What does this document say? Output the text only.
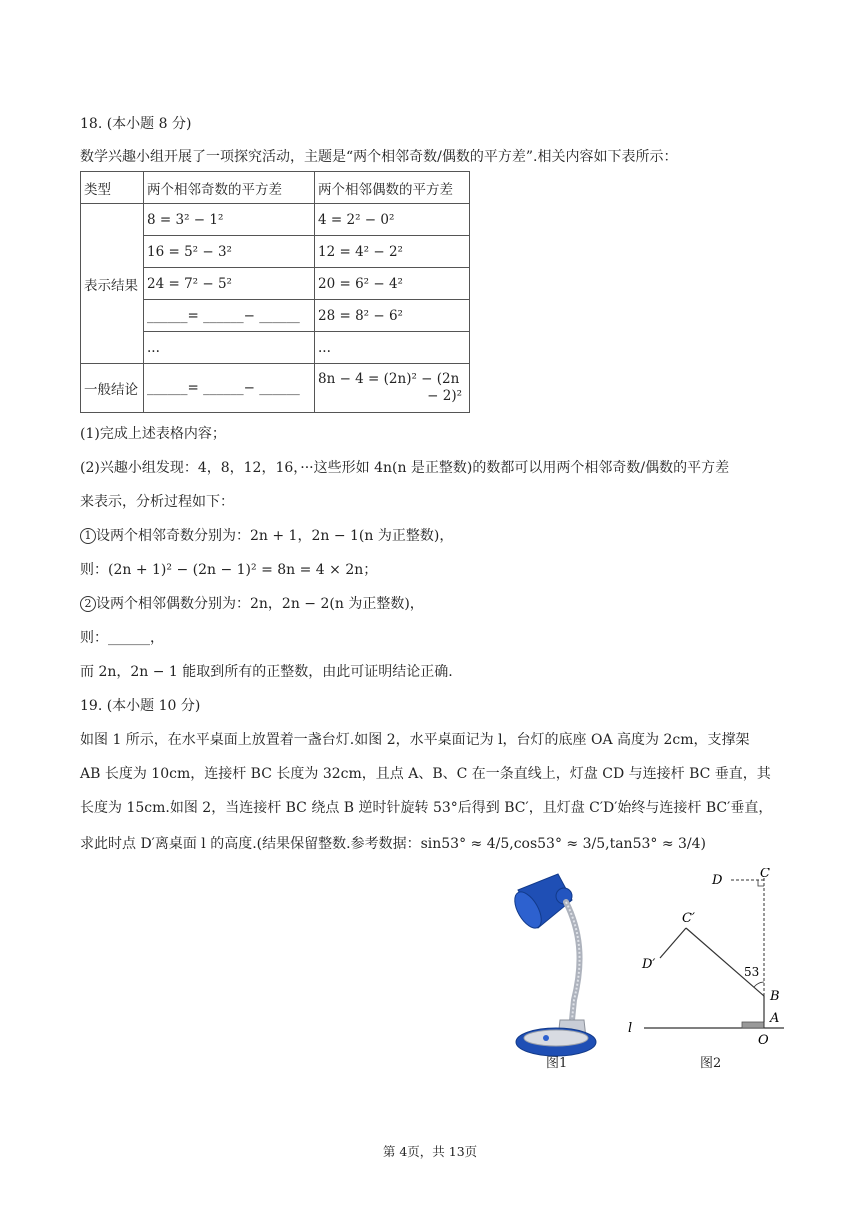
18. (本小题 8 分)
数学兴趣小组开展了一项探究活动，主题是“两个相邻奇数/偶数的平方差”.相关内容如下表所示：
类型	两个相邻奇数的平方差	两个相邻偶数的平方差
表示结果	8 = 3² − 1²	4 = 2² − 0²
	16 = 5² − 3²	12 = 4² − 2²
	24 = 7² − 5²	20 = 6² − 4²
	______= ______− ______	28 = 8² − 6²
	...	...
一般结论	______= ______− ______	8n − 4 = (2n)² − (2n
− 2)²
(1)完成上述表格内容；
(2)兴趣小组发现：4，8，12，16，···这些形如 4n(n 是正整数)的数都可以用两个相邻奇数/偶数的平方差
来表示，分析过程如下：
1 设两个相邻奇数分别为：2n + 1，2n − 1(n 为正整数)，
则：(2n + 1)² − (2n − 1)² = 8n = 4 × 2n；
2 设两个相邻偶数分别为：2n，2n − 2(n 为正整数)，
则：______，
而 2n，2n − 1 能取到所有的正整数，由此可证明结论正确.
19. (本小题 10 分)
如图 1 所示，在水平桌面上放置着一盏台灯.如图 2，水平桌面记为 l，台灯的底座 OA 高度为 2cm，支撑架
AB 长度为 10cm，连接杆 BC 长度为 32cm，且点 A、B、C 在一条直线上，灯盘 CD 与连接杆 BC 垂直，其
长度为 15cm.如图 2，当连接杆 BC 绕点 B 逆时针旋转 53°后得到 BC′，且灯盘 C′D′始终与连接杆 BC′垂直，
求此时点 D′离桌面 l 的高度.(结果保留整数.参考数据：sin53° ≈ 4/5,cos53° ≈ 3/5,tan53° ≈ 3/4)
图1
D	C
C′
D′	53
B
A
O
l
图2
第 4页，共 13页
